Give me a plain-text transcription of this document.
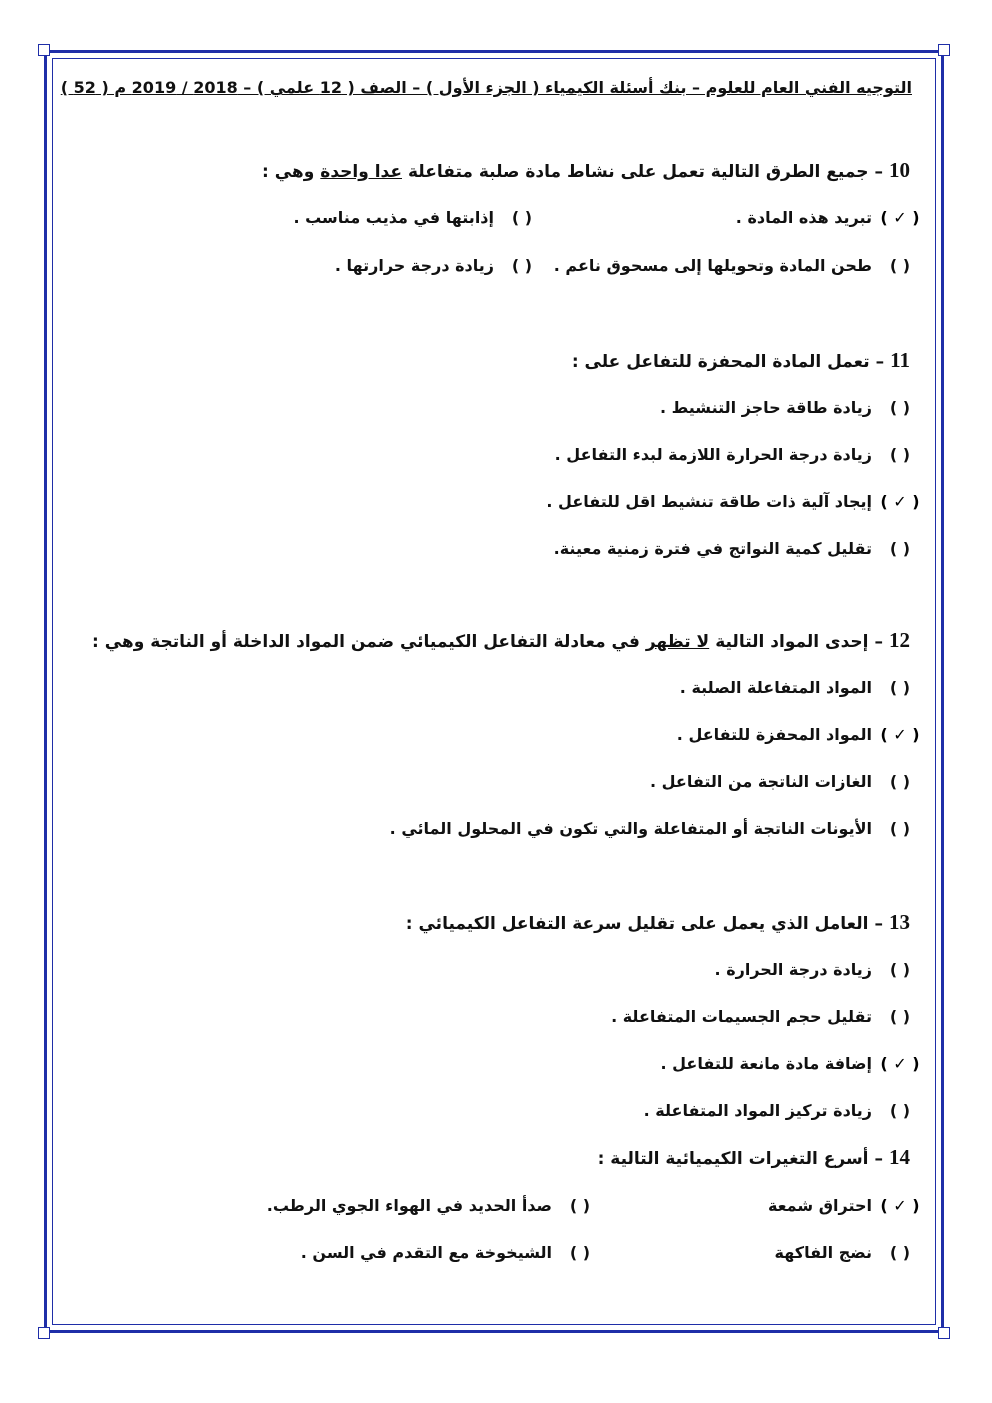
التوجيه الفني العام للعلوم – بنك أسئلة الكيمياء ( الجزء الأول ) – الصف ( 12 علمي ) – 2018 / 2019 م ( 52 )
10
–
جميع الطرق التالية تعمل على نشاط مادة صلبة متفاعلة
عدا واحدة
وهي :
( ✓ )
تبريد هذه المادة .
( )
إذابتها في مذيب مناسب .
( )
طحن المادة وتحويلها إلى مسحوق ناعم .
( )
زيادة درجة حرارتها .
11
–
تعمل المادة المحفزة للتفاعل على :
( )
زيادة طاقة حاجز التنشيط .
( )
زيادة درجة الحرارة اللازمة لبدء التفاعل .
( ✓ )
إيجاد آلية ذات طاقة تنشيط اقل للتفاعل .
( )
تقليل كمية النواتج في فترة زمنية معينة.
12
–
إحدى المواد التالية
لا تظهر
في معادلة التفاعل الكيميائي ضمن المواد الداخلة أو الناتجة وهي :
( )
المواد المتفاعلة الصلبة .
( ✓ )
المواد المحفزة للتفاعل .
( )
الغازات الناتجة من التفاعل .
( )
الأيونات الناتجة أو المتفاعلة والتي تكون في المحلول المائي .
13
–
العامل الذي يعمل على تقليل سرعة التفاعل الكيميائي :
( )
زيادة درجة الحرارة .
( )
تقليل حجم الجسيمات المتفاعلة .
( ✓ )
إضافة مادة مانعة للتفاعل .
( )
زيادة تركيز المواد المتفاعلة .
14
–
أسرع التغيرات الكيميائية التالية :
( ✓ )
احتراق شمعة
( )
صدأ الحديد في الهواء الجوي الرطب.
( )
نضج الفاكهة
( )
الشيخوخة مع التقدم في السن .
